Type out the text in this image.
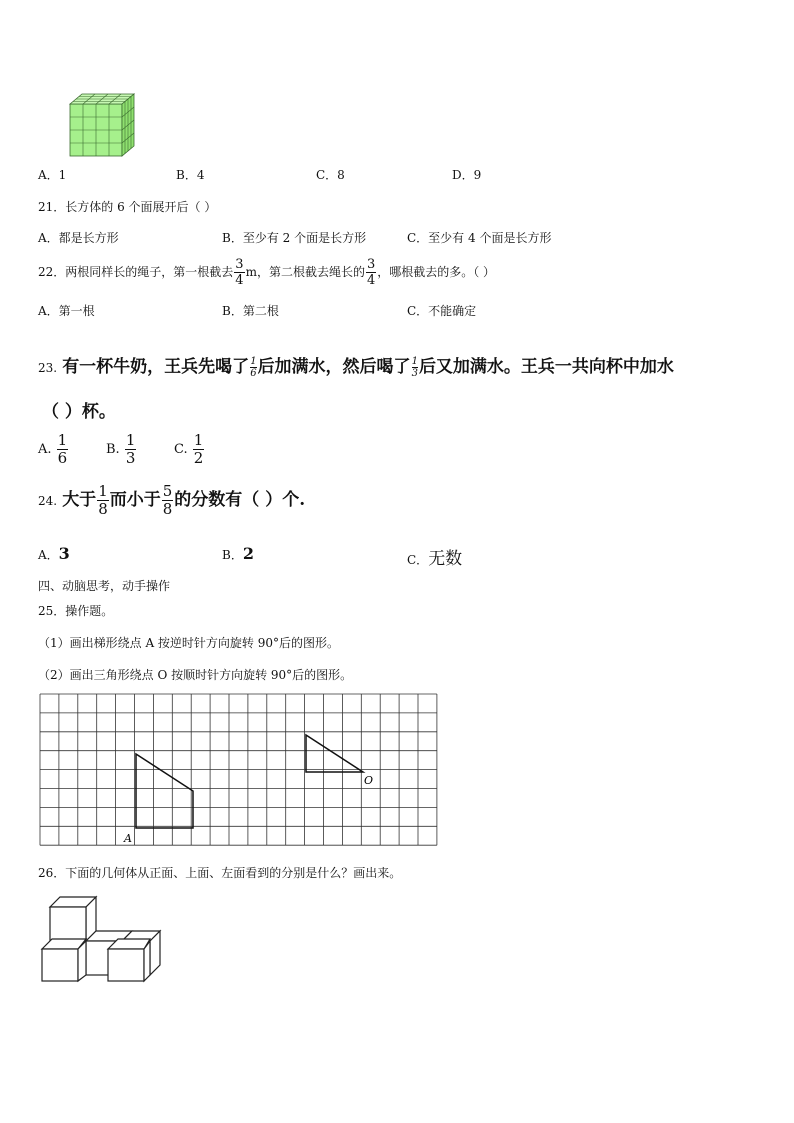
A．1	B．4	C．8	D．9
21．长方体的 6 个面展开后（ ）
A．都是长方形	B．至少有 2 个面是长方形	C．至少有 4 个面是长方形
22．两根同样长的绳子，第一根截去 $\frac{3}{4}$ m，第二根截去绳长的 $\frac{3}{4}$ ，哪根截去的多。（ ）
A．第一根	B．第二根	C．不能确定
23. 有一杯牛奶，王兵先喝了 $\frac{1}{6}$ 后加满水，然后喝了 $\frac{1}{3}$ 后又加满水。王兵一共向杯中加水
（ ）杯。
A. $\frac{1}{6}$	B. $\frac{1}{3}$	C. $\frac{1}{2}$
24. 大于 $\frac{1}{8}$ 而小于 $\frac{5}{8}$ 的分数有（ ）个.
A．3	B．2	C．无数
四、动脑思考，动手操作
25．操作题。
（1）画出梯形绕点 A 按逆时针方向旋转 90°后的图形。
（2）画出三角形绕点 O 按顺时针方向旋转 90°后的图形。
A
O
26．下面的几何体从正面、上面、左面看到的分别是什么？画出来。
